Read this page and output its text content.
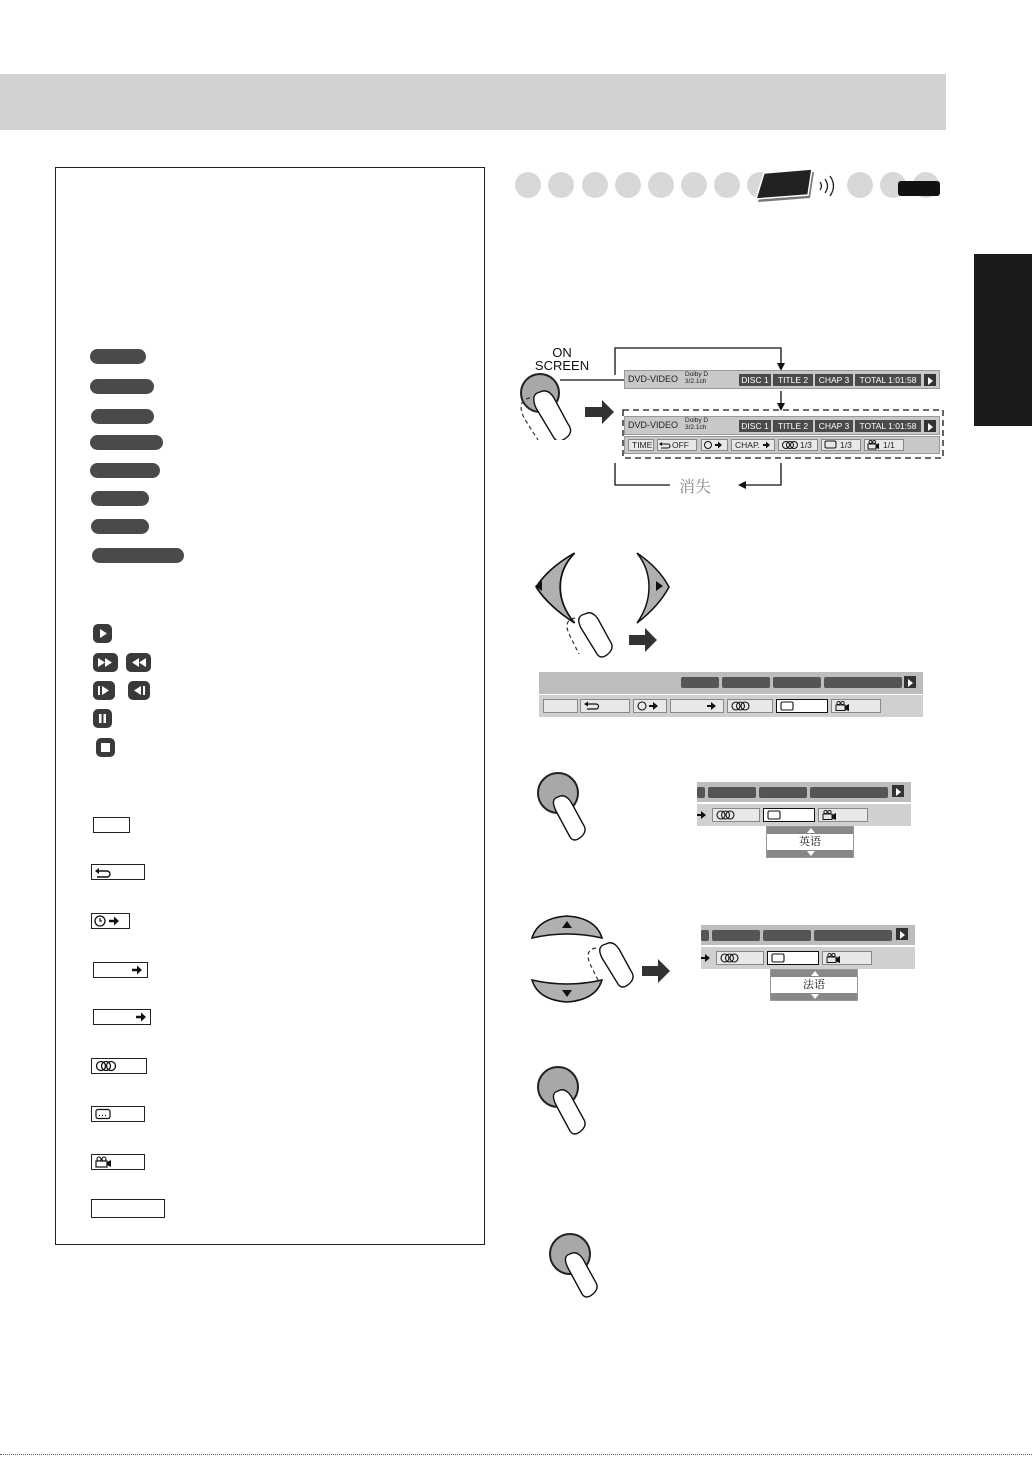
ON
SCREEN
DVD-VIDEO Dolby D
3/2.1ch	DISC 1	TITLE 2	CHAP 3	TOTAL 1:01:58
DVD-VIDEO Dolby D
3/2.1ch	DISC 1	TITLE 2	CHAP 3	TOTAL 1:01:58
TIME	OFF	CHAP.	1/3	1/3	1/1
消失
英语
法语
